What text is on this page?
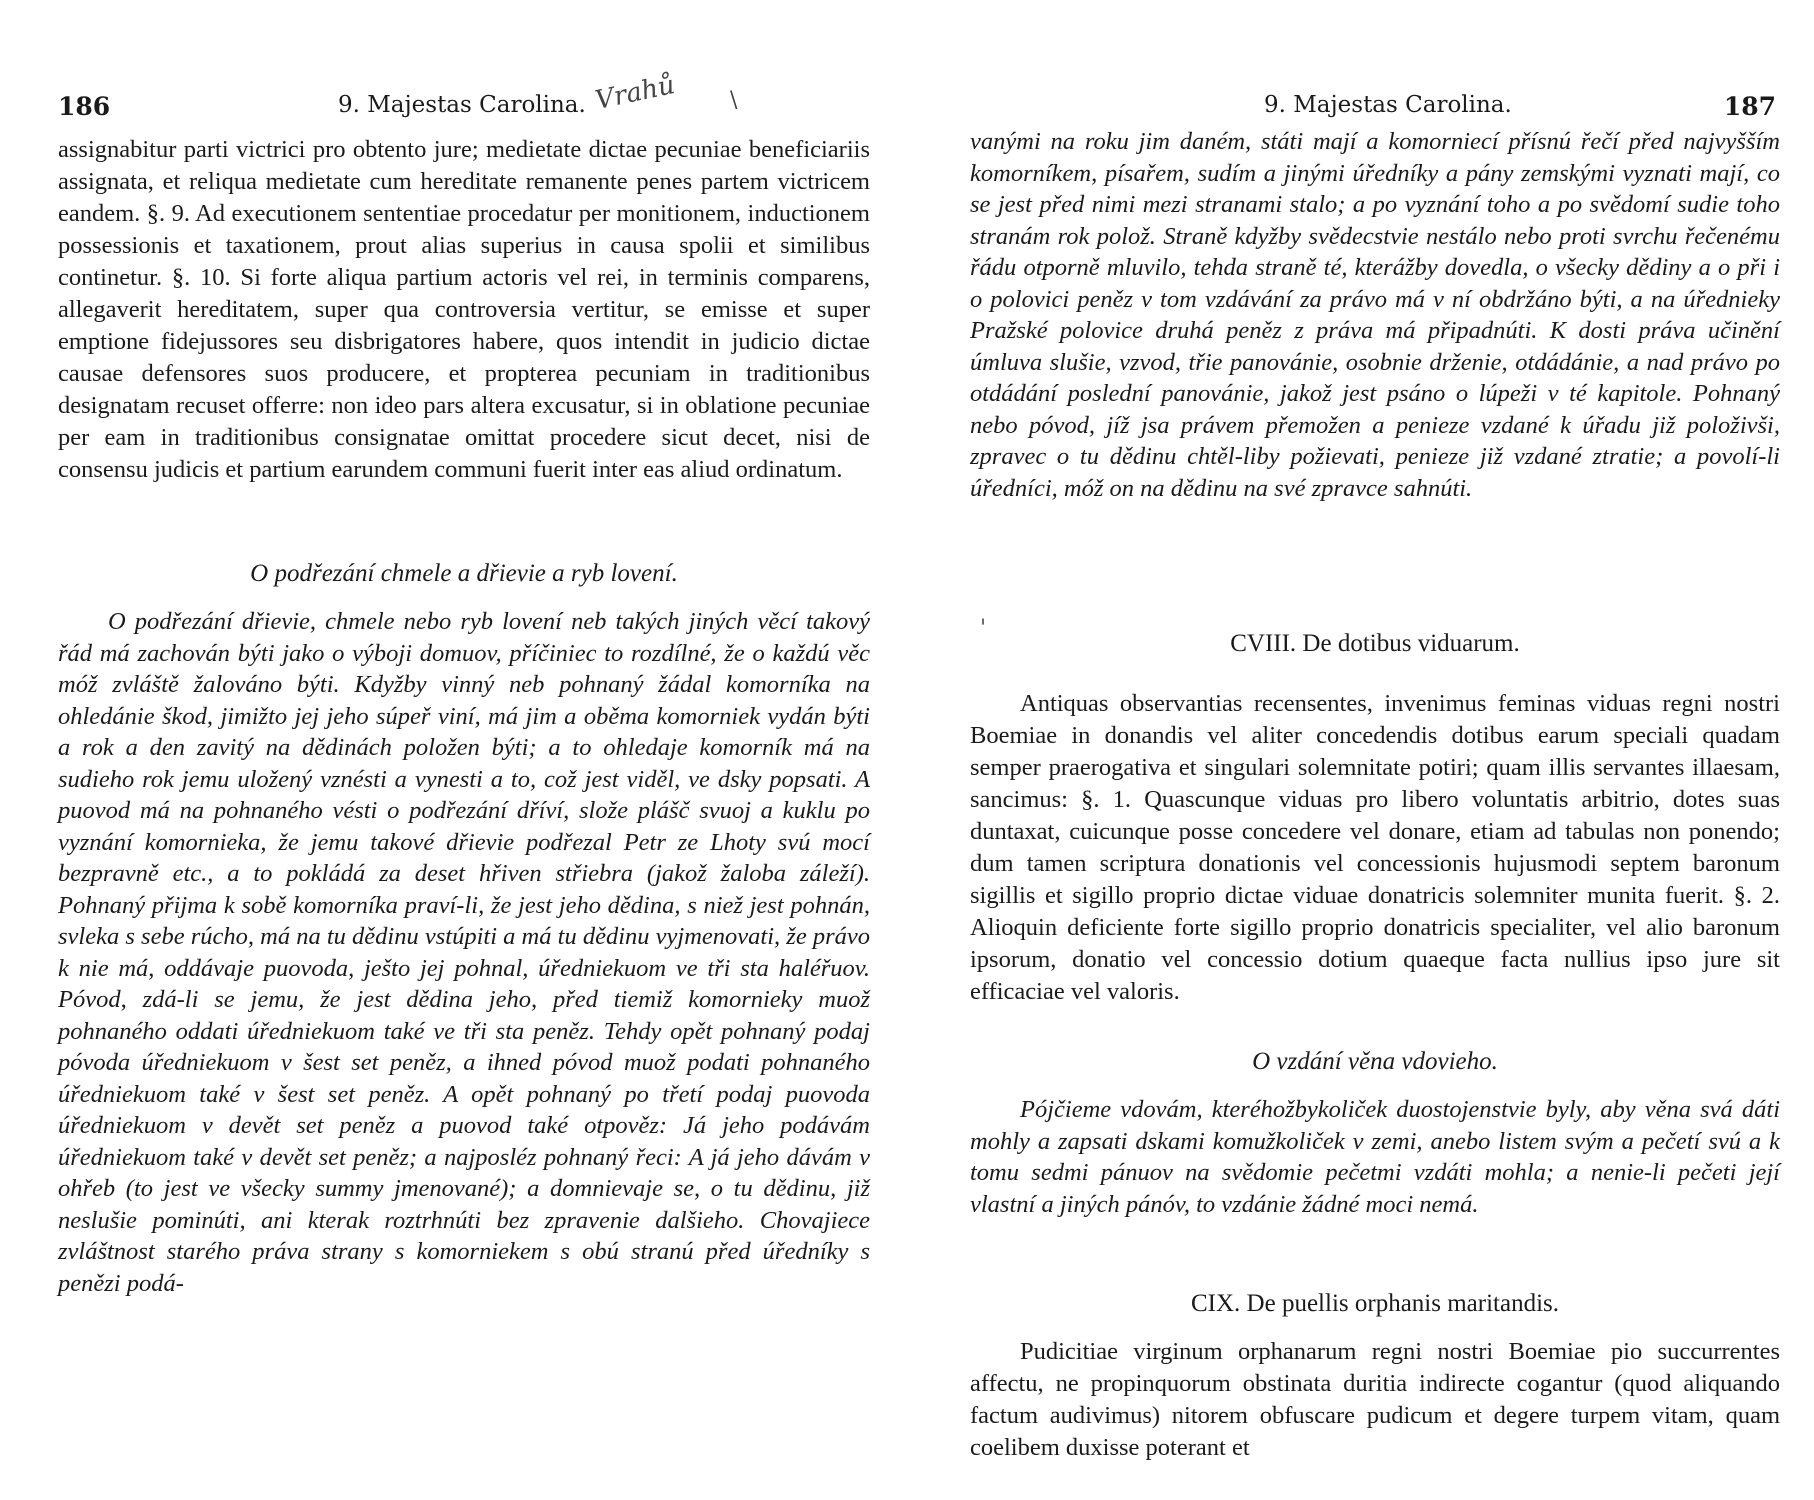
186	9. Majestas Carolina. Vrahů \

assignabitur parti victrici pro obtento jure; medietate dictae pecuniae beneficiariis assignata, et reliqua medietate cum hereditate remanente penes partem victricem eandem. §. 9. Ad executionem sententiae procedatur per monitionem, inductionem possessionis et taxationem, prout alias superius in causa spolii et similibus continetur. §. 10. Si forte aliqua partium actoris vel rei, in terminis comparens, allegaverit hereditatem, super qua controversia vertitur, se emisse et super emptione fidejussores seu disbrigatores habere, quos intendit in judicio dictae causae defensores suos producere, et propterea pecuniam in traditionibus designatam recuset offerre: non ideo pars altera excusatur, si in oblatione pecuniae per eam in traditionibus consignatae omittat procedere sicut decet, nisi de consensu judicis et partium earundem communi fuerit inter eas aliud ordinatum.

O podřezání chmele a dřievie a ryb lovení.

O podřezání dřievie, chmele nebo ryb lovení neb takých jiných věcí takový řád má zachován býti jako o výboji domuov, příčiniec to rozdílné, že o každú věc móž zvláště žalováno býti. Kdyžby vinný neb pohnaný žádal komorníka na ohledánie škod, jimižto jej jeho súpeř viní, má jim a oběma komorniek vydán býti a rok a den zavitý na dědinách položen býti; a to ohledaje komorník má na sudieho rok jemu uložený vznésti a vynesti a to, což jest viděl, ve dsky popsati. A puovod má na pohnaného vésti o podřezání dříví, slože plášč svuoj a kuklu po vyznání komornieka, že jemu takové dřievie podřezal Petr ze Lhoty svú mocí bezpravně etc., a to pokládá za deset hřiven střiebra (jakož žaloba záleží). Pohnaný přijma k sobě komorníka praví-li, že jest jeho dědina, s niež jest pohnán, svleka s sebe rúcho, má na tu dědinu vstúpiti a má tu dědinu vyjmenovati, že právo k nie má, oddávaje puovoda, ješto jej pohnal, úředniekuom ve tři sta haléřuov. Póvod, zdá-li se jemu, že jest dědina jeho, před tiemiž komornieky muož pohnaného oddati úředniekuom také ve tři sta peněz. Tehdy opět pohnaný podaj póvoda úředniekuom v šest set peněz, a ihned póvod muož podati pohnaného úředniekuom také v šest set peněz. A opět pohnaný po třetí podaj puovoda úředniekuom v devět set peněz a puovod také otpověz: Já jeho podávám úředniekuom také v devět set peněz; a najposléz pohnaný řeci: A já jeho dávám v ohřeb (to jest ve všecky summy jmenované); a domnievaje se, o tu dědinu, již neslušie pominúti, ani kterak roztrhnúti bez zpravenie dalšieho. Chovajiece zvláštnost starého práva strany s komorniekem s obú stranú před úředníky s penězi podá-

9. Majestas Carolina.	187

vanými na roku jim daném, státi mají a komorniecí přísnú řečí před najvyšším komorníkem, písařem, sudím a jinými úředníky a pány zemskými vyznati mají, co se jest před nimi mezi stranami stalo; a po vyznání toho a po svědomí sudie toho stranám rok polož. Straně kdyžby svědecstvie nestálo nebo proti svrchu řečenému řádu otporně mluvilo, tehda straně té, kterážby dovedla, o všecky dědiny a o při i o polovici peněz v tom vzdávání za právo má v ní obdržáno býti, a na úřednieky Pražské polovice druhá peněz z práva má připadnúti. K dosti práva učinění úmluva slušie, vzvod, třie panovánie, osobnie drženie, otdádánie, a nad právo po otdádání poslední panovánie, jakož jest psáno o lúpeži v té kapitole. Pohnaný nebo póvod, jíž jsa právem přemožen a penieze vzdané k úřadu již položivši, zpravec o tu dědinu chtěl-liby požievati, penieze již vzdané ztratie; a povolí-li úředníci, móž on na dědinu na své zpravce sahnúti.

'

CVIII. De dotibus viduarum.

Antiquas observantias recensentes, invenimus feminas viduas regni nostri Boemiae in donandis vel aliter concedendis dotibus earum speciali quadam semper praerogativa et singulari solemnitate potiri; quam illis servantes illaesam, sancimus: §. 1. Quascunque viduas pro libero voluntatis arbitrio, dotes suas duntaxat, cuicunque posse concedere vel donare, etiam ad tabulas non ponendo; dum tamen scriptura donationis vel concessionis hujusmodi septem baronum sigillis et sigillo proprio dictae viduae donatricis solemniter munita fuerit. §. 2. Alioquin deficiente forte sigillo proprio donatricis specialiter, vel alio baronum ipsorum, donatio vel concessio dotium quaeque facta nullius ipso jure sit efficaciae vel valoris.

O vzdání věna vdovieho.

Pójčieme vdovám, kteréhožbykoliček duostojenstvie byly, aby věna svá dáti mohly a zapsati dskami komužkoliček v zemi, anebo listem svým a pečetí svú a k tomu sedmi pánuov na svědomie pečetmi vzdáti mohla; a nenie-li pečeti její vlastní a jiných pánóv, to vzdánie žádné moci nemá.

CIX. De puellis orphanis maritandis.

Pudicitiae virginum orphanarum regni nostri Boemiae pio succurrentes affectu, ne propinquorum obstinata duritia indirecte cogantur (quod aliquando factum audivimus) nitorem obfuscare pudicum et degere turpem vitam, quam coelibem duxisse poterant et
